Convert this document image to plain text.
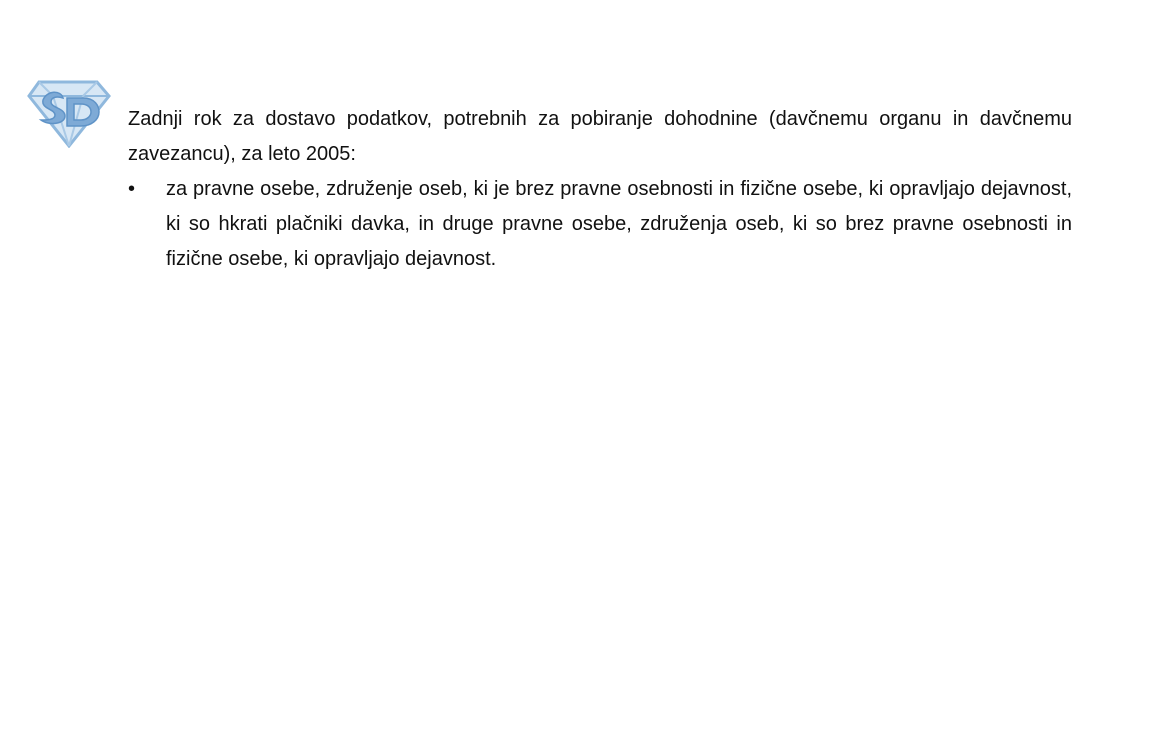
Zadnji rok za dostavo podatkov, potrebnih za pobiranje dohodnine (davčnemu organu in davčnemu zavezancu), za leto 2005:

•	za pravne osebe, združenje oseb, ki je brez pravne osebnosti in fizične osebe, ki opravljajo dejavnost, ki so hkrati plačniki davka, in druge pravne osebe, združenja oseb, ki so brez pravne osebnosti in fizične osebe, ki opravljajo dejavnost.
